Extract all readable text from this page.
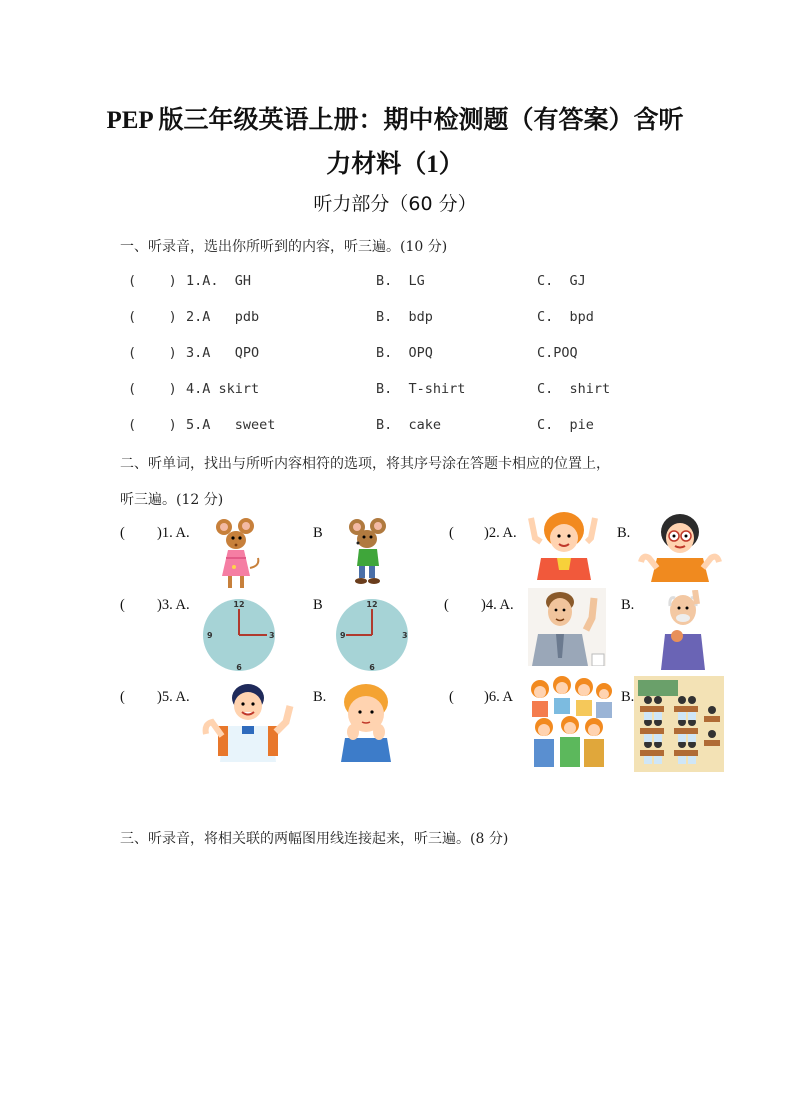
PEP 版三年级英语上册：期中检测题（有答案）含听
力材料（1）
听力部分（60 分）
一、听录音，选出你所听到的内容，听三遍。(10 分)
(    ) 1.A.  GH	B.  LG	C.  GJ
(    ) 2.A   pdb	B.  bdp	C.  bpd
(    ) 3.A   QPO	B.  OPQ	C.POQ
(    ) 4.A skirt	B.  T-shirt	C.  shirt
(    ) 5.A   sweet	B.  cake	C.  pie
二、听单词，找出与所听内容相符的选项，将其序号涂在答题卡相应的位置上，
听三遍。(12 分)
( )1. A.	B	( )2. A.	B.
( )3. A.	B	( )4. A.	B.
( )5. A.	B.	( )6. A	B.
12
9	3
6
12
9	3
6
三、听录音，将相关联的两幅图用线连接起来，听三遍。(8 分)
